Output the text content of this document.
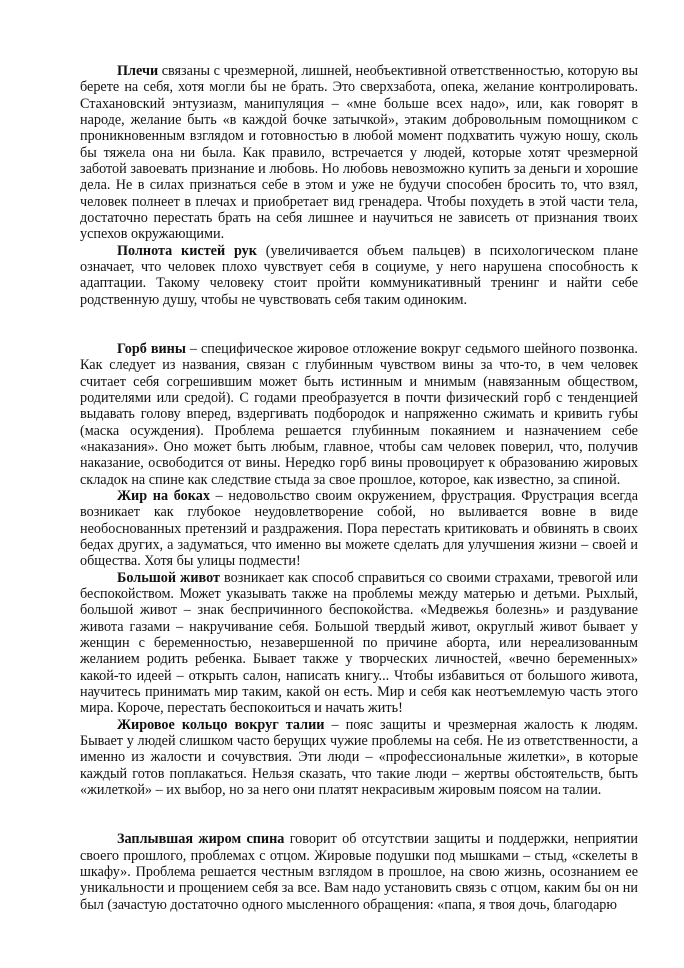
Плечи связаны с чрезмерной, лишней, необъективной ответственностью, которую вы берете на себя, хотя могли бы не брать. Это сверхзабота, опека, желание контролировать. Стахановский энтузиазм, манипуляция – «мне больше всех надо», или, как говорят в народе, желание быть «в каждой бочке затычкой», этаким добровольным помощником с проникновенным взглядом и готовностью в любой момент подхватить чужую ношу, сколь бы тяжела она ни была. Как правило, встречается у людей, которые хотят чрезмерной заботой завоевать признание и любовь. Но любовь невозможно купить за деньги и хорошие дела. Не в силах признаться себе в этом и уже не будучи способен бросить то, что взял, человек полнеет в плечах и приобретает вид гренадера. Чтобы похудеть в этой части тела, достаточно перестать брать на себя лишнее и научиться не зависеть от признания твоих успехов окружающими.

Полнота кистей рук (увеличивается объем пальцев) в психологическом плане означает, что человек плохо чувствует себя в социуме, у него нарушена способность к адаптации. Такому человеку стоит пройти коммуникативный тренинг и найти себе родственную душу, чтобы не чувствовать себя таким одиноким.

Горб вины – специфическое жировое отложение вокруг седьмого шейного позвонка. Как следует из названия, связан с глубинным чувством вины за что-то, в чем человек считает себя согрешившим может быть истинным и мнимым (навязанным обществом, родителями или средой). С годами преобразуется в почти физический горб с тенденцией выдавать голову вперед, вздергивать подбородок и напряженно сжимать и кривить губы (маска осуждения). Проблема решается глубинным покаянием и назначением себе «наказания». Оно может быть любым, главное, чтобы сам человек поверил, что, получив наказание, освободится от вины. Нередко горб вины провоцирует к образованию жировых складок на спине как следствие стыда за свое прошлое, которое, как известно, за спиной.

Жир на боках – недовольство своим окружением, фрустрация. Фрустрация всегда возникает как глубокое неудовлетворение собой, но выливается вовне в виде необоснованных претензий и раздражения. Пора перестать критиковать и обвинять в своих бедах других, а задуматься, что именно вы можете сделать для улучшения жизни – своей и общества. Хотя бы улицы подмести!

Большой живот возникает как способ справиться со своими страхами, тревогой или беспокойством. Может указывать также на проблемы между матерью и детьми. Рыхлый, большой живот – знак беспричинного беспокойства. «Медвежья болезнь» и раздувание живота газами – накручивание себя. Большой твердый живот, округлый живот бывает у женщин с беременностью, незавершенной по причине аборта, или нереализованным желанием родить ребенка. Бывает также у творческих личностей, «вечно беременных» какой-то идеей – открыть салон, написать книгу... Чтобы избавиться от большого живота, научитесь принимать мир таким, какой он есть. Мир и себя как неотъемлемую часть этого мира. Короче, перестать беспокоиться и начать жить!

Жировое кольцо вокруг талии – пояс защиты и чрезмерная жалость к людям. Бывает у людей слишком часто берущих чужие проблемы на себя. Не из ответственности, а именно из жалости и сочувствия. Эти люди – «профессиональные жилетки», в которые каждый готов поплакаться. Нельзя сказать, что такие люди – жертвы обстоятельств, быть «жилеткой» – их выбор, но за него они платят некрасивым жировым поясом на талии.

Заплывшая жиром спина говорит об отсутствии защиты и поддержки, неприятии своего прошлого, проблемах с отцом. Жировые подушки под мышками – стыд, «скелеты в шкафу». Проблема решается честным взглядом в прошлое, на свою жизнь, осознанием ее уникальности и прощением себя за все. Вам надо установить связь с отцом, каким бы он ни был (зачастую достаточно одного мысленного обращения: «папа, я твоя дочь, благодарю
